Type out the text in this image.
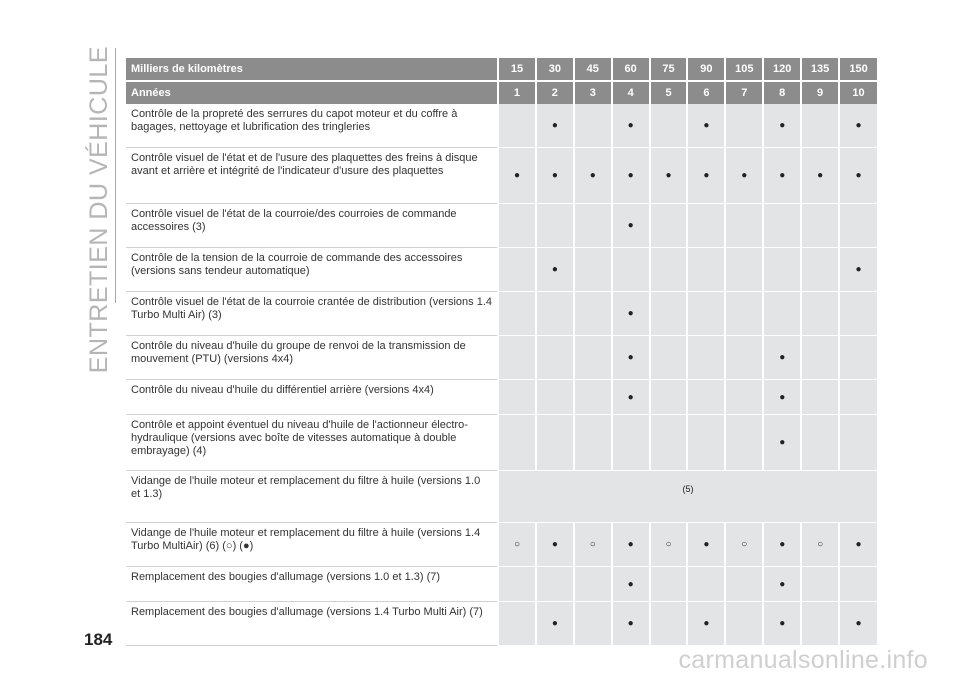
ENTRETIEN DU VÉHICULE Milliers de kilomètres	15	30	45	60	75	90	105	120	135	150
Années	1	2	3	4	5	6	7	8	9	10
Contrôle de la propreté des serrures du capot moteur et du coffre à bagages, nettoyage et lubrification des tringleries		●		●		●		●		●
Contrôle visuel de l'état et de l'usure des plaquettes des freins à disque avant et arrière et intégrité de l'indicateur d'usure des plaquettes	●	●	●	●	●	●	●	●	●	●
Contrôle visuel de l'état de la courroie/des courroies de commande accessoires (3)				●						
Contrôle de la tension de la courroie de commande des accessoires (versions sans tendeur automatique)		●								●
Contrôle visuel de l'état de la courroie crantée de distribution (versions 1.4 Turbo Multi Air) (3)				●						
Contrôle du niveau d'huile du groupe de renvoi de la transmission de mouvement (PTU) (versions 4x4)				●				●		
Contrôle du niveau d'huile du différentiel arrière (versions 4x4)				●				●		
Contrôle et appoint éventuel du niveau d'huile de l'actionneur électro-hydraulique (versions avec boîte de vitesses automatique à double embrayage) (4)								●		
Vidange de l'huile moteur et remplacement du filtre à huile (versions 1.0 et 1.3)	(5)									
Vidange de l'huile moteur et remplacement du filtre à huile (versions 1.4 Turbo MultiAir) (6) (○) (●)	○	●	○	●	○	●	○	●	○	●
Remplacement des bougies d'allumage (versions 1.0 et 1.3) (7)				●				●		
Remplacement des bougies d'allumage (versions 1.4 Turbo Multi Air) (7)		●		●		●		●		●
184
carmanualsonline.info
